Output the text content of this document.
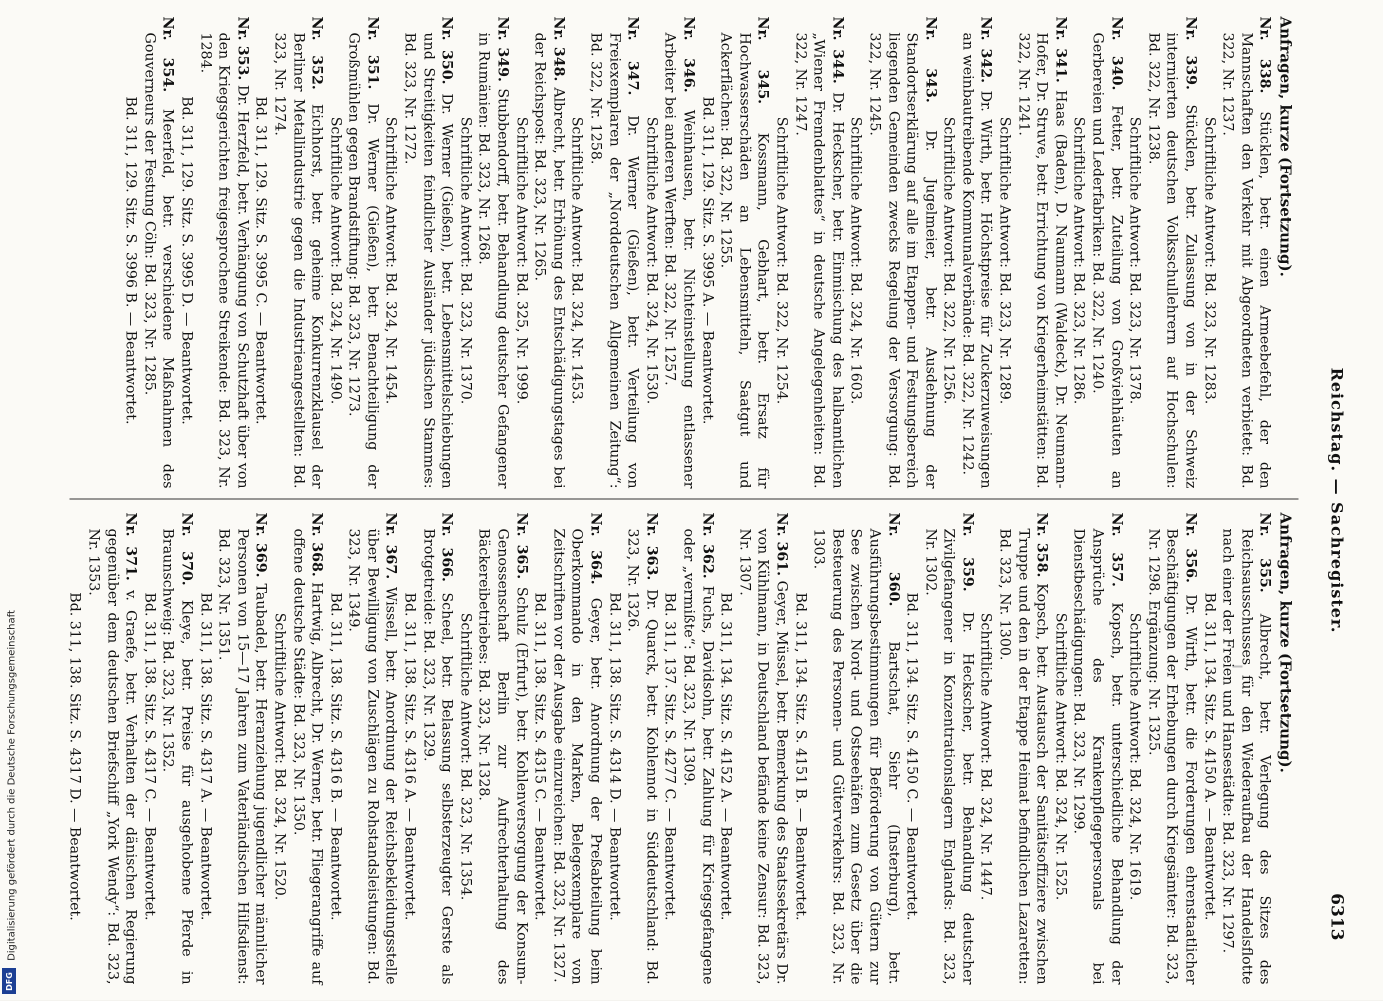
Reichstag. — Sachregister.
6313
Anfragen, kurze (Fortsetzung).

Nr. 338. Stücklen, betr. einen Armeebefehl, der den Mannschaften den Verkehr mit Abgeordneten verbietet: Bd. 322, Nr. 1237.
Schriftliche Antwort: Bd. 323, Nr. 1283.

Nr. 339. Stücklen, betr. Zulassung von in der Schweiz internierten deutschen Volksschullehrern auf Hochschulen: Bd. 322, Nr. 1238.
Schriftliche Antwort: Bd. 323, Nr. 1378.

Nr. 340. Fetter, betr. Zuteilung von Großviehhäuten an Gerbereien und Lederfabriken: Bd. 322, Nr. 1240.
Schriftliche Antwort: Bd. 323, Nr. 1286.

Nr. 341. Haas (Baden), D. Naumann (Waldeck), Dr. Neumann-Hofer, Dr. Struve, betr. Errichtung von Kriegerheimstätten: Bd. 322, Nr. 1241.
Schriftliche Antwort: Bd. 323, Nr. 1289.

Nr. 342. Dr. Wirth, betr. Höchstpreise für Zuckerzuweisungen an weinbautreibende Kommunalverbände: Bd. 322, Nr. 1242.
Schriftliche Antwort: Bd. 322, Nr. 1256.

Nr. 343. Dr. Jugelmeier, betr. Ausdehnung der Standortserklärung auf alle im Etappen- und Festungsbereich liegenden Gemeinden zwecks Regelung der Versorgung: Bd. 322, Nr. 1245.
Schriftliche Antwort: Bd. 324, Nr. 1603.

Nr. 344. Dr. Heckscher, betr. Einmischung des halbamtlichen „Wiener Fremdenblattes“ in deutsche Angelegenheiten: Bd. 322, Nr. 1247.
Schriftliche Antwort: Bd. 322, Nr. 1254.

Nr. 345. Kossmann, Gebhart, betr. Ersatz für Hochwasserschäden an Lebensmitteln, Saatgut und Ackerflächen: Bd. 322, Nr. 1255.
Bd. 311, 129. Sitz. S. 3995 A. — Beantwortet.

Nr. 346. Weinhausen, betr. Nichteinstellung entlassener Arbeiter bei anderen Werften: Bd. 322, Nr. 1257.
Schriftliche Antwort: Bd. 324, Nr. 1530.

Nr. 347. Dr. Werner (Gießen), betr. Verteilung von Freiexemplaren der „Norddeutschen Allgemeinen Zeitung“: Bd. 322, Nr. 1258.
Schriftliche Antwort: Bd. 324, Nr. 1453.

Nr. 348. Albrecht, betr. Erhöhung des Entschädigungstages bei der Reichspost: Bd. 323, Nr. 1265.
Schriftliche Antwort: Bd. 325, Nr. 1999.

Nr. 349. Stubbendorff, betr. Behandlung deutscher Gefangener in Rumänien: Bd. 323, Nr. 1268.
Schriftliche Antwort: Bd. 323, Nr. 1370.

Nr. 350. Dr. Werner (Gießen), betr. Lebensmittelschiebungen und Streitigkeiten feindlicher Ausländer jüdischen Stammes: Bd. 323, Nr. 1272.
Schriftliche Antwort: Bd. 324, Nr. 1454.

Nr. 351. Dr. Werner (Gießen), betr. Benachteiligung der Großmühlen gegen Brandstiftung: Bd. 323, Nr. 1273.
Schriftliche Antwort: Bd. 324, Nr. 1490.

Nr. 352. Eichhorst, betr. geheime Konkurrenzklausel der Berliner Metallindustrie gegen die Industrieangestellten: Bd. 323, Nr. 1274.
Bd. 311, 129. Sitz. S. 3995 C. — Beantwortet.

Nr. 353. Dr. Herzfeld, betr. Verhängung von Schutzhaft über von den Kriegsgerichten freigesprochene Streikende: Bd. 323, Nr. 1284.
Bd. 311, 129. Sitz. S. 3995 D. — Beantwortet.

Nr. 354. Meerfeld, betr. verschiedene Maßnahmen des Gouverneurs der Festung Cöln: Bd. 323, Nr. 1285.
Bd. 311, 129. Sitz. S. 3996 B. — Beantwortet.

Anfragen, kurze (Fortsetzung).

Nr. 355. Albrecht, betr. Verlegung des Sitzes des Reichsausschusses für den Wiederaufbau der Handelsflotte nach einer der Freien und Hansestädte: Bd. 323, Nr. 1297.
Bd. 311, 134. Sitz. S. 4150 A. — Beantwortet.

Nr. 356. Dr. Wirth, betr. die Forderungen ehrenstaatlicher Beschäftigungen der Erhebungen durch Kriegsämter: Bd. 323, Nr. 1298. Ergänzung: Nr. 1325.
Schriftliche Antwort: Bd. 324, Nr. 1619.

Nr. 357. Kopsch, betr. unterschiedliche Behandlung der Ansprüche des Krankenpflegepersonals bei Dienstbeschädigungen: Bd. 323, Nr. 1299.
Schriftliche Antwort: Bd. 324, Nr. 1525.

Nr. 358. Kopsch, betr. Austausch der Sanitätsoffiziere zwischen Truppe und den in der Etappe Heimat befindlichen Lazaretten: Bd. 323, Nr. 1300.
Schriftliche Antwort: Bd. 324, Nr. 1447.

Nr. 359. Dr. Heckscher, betr. Behandlung deutscher Zivilgefangener in Konzentrationslagern Englands: Bd. 323, Nr. 1302.
Bd. 311, 134. Sitz. S. 4150 C. — Beantwortet.

Nr. 360. Bartschat, Siehr (Insterburg), betr. Ausführungsbestimmungen für Beförderung von Gütern zur See zwischen Nord- und Ostseehäfen zum Gesetz über die Besteuerung des Personen- und Güterverkehrs: Bd. 323, Nr. 1303.
Bd. 311, 134. Sitz. S. 4151 B. — Beantwortet.

Nr. 361. Geyer, Müssel, betr. Bemerkung des Staatssekretärs Dr. von Kühlmann, in Deutschland befände keine Zensur: Bd. 323, Nr. 1307.
Bd. 311, 134. Sitz. S. 4152 A. — Beantwortet.

Nr. 362. Fuchs, Davidsohn, betr. Zahlung für Kriegsgefangene oder „vermißte“: Bd. 323, Nr. 1309.
Bd. 311, 137. Sitz. S. 4277 C. — Beantwortet.

Nr. 363. Dr. Quarck, betr. Kohlennot in Süddeutschland: Bd. 323, Nr. 1326.
Bd. 311, 138. Sitz. S. 4314 D. — Beantwortet.

Nr. 364. Geyer, betr. Anordnung der Preßabteilung beim Oberkommando in den Marken, Belegexemplare von Zeitschriften vor der Ausgabe einzureichen: Bd. 323, Nr. 1327.
Bd. 311, 138. Sitz. S. 4315 C. — Beantwortet.

Nr. 365. Schulz (Erfurt), betr. Kohlenversorgung der Konsum-Genossenschaft Berlin zur Aufrechterhaltung des Bäckereibetriebes: Bd. 323, Nr. 1328.
Schriftliche Antwort: Bd. 323, Nr. 1354.

Nr. 366. Scheel, betr. Belassung selbsterzeugter Gerste als Brotgetreide: Bd. 323, Nr. 1329.
Bd. 311, 138. Sitz. S. 4316 A. — Beantwortet.

Nr. 367. Wissell, betr. Anordnung der Reichsbekleidungsstelle über Bewilligung von Zuschlägen zu Rohstandsleistungen: Bd. 323, Nr. 1349.
Bd. 311, 138. Sitz. S. 4316 B. — Beantwortet.

Nr. 368. Hartwig, Albrecht, Dr. Werner, betr. Fliegerangriffe auf offene deutsche Städte: Bd. 323, Nr. 1350.
Schriftliche Antwort: Bd. 324, Nr. 1520.

Nr. 369. Taubadel, betr. Heranziehung jugendlicher männlicher Personen von 15—17 Jahren zum Vaterländischen Hilfsdienst: Bd. 323, Nr. 1351.
Bd. 311, 138. Sitz. S. 4317 A. — Beantwortet.

Nr. 370. Kleye, betr. Preise für ausgehobene Pferde in Braunschweig: Bd. 323, Nr. 1352.
Bd. 311, 138. Sitz. S. 4317 C. — Beantwortet.

Nr. 371. v. Graefe, betr. Verhalten der dänischen Regierung gegenüber dem deutschen Briefschiff „York Wendy“: Bd. 323, Nr. 1353.
Bd. 311, 138. Sitz. S. 4317 D. — Beantwortet.

Digitalisierung gefördert durch die Deutsche Forschungsgemeinschaft
DFG
